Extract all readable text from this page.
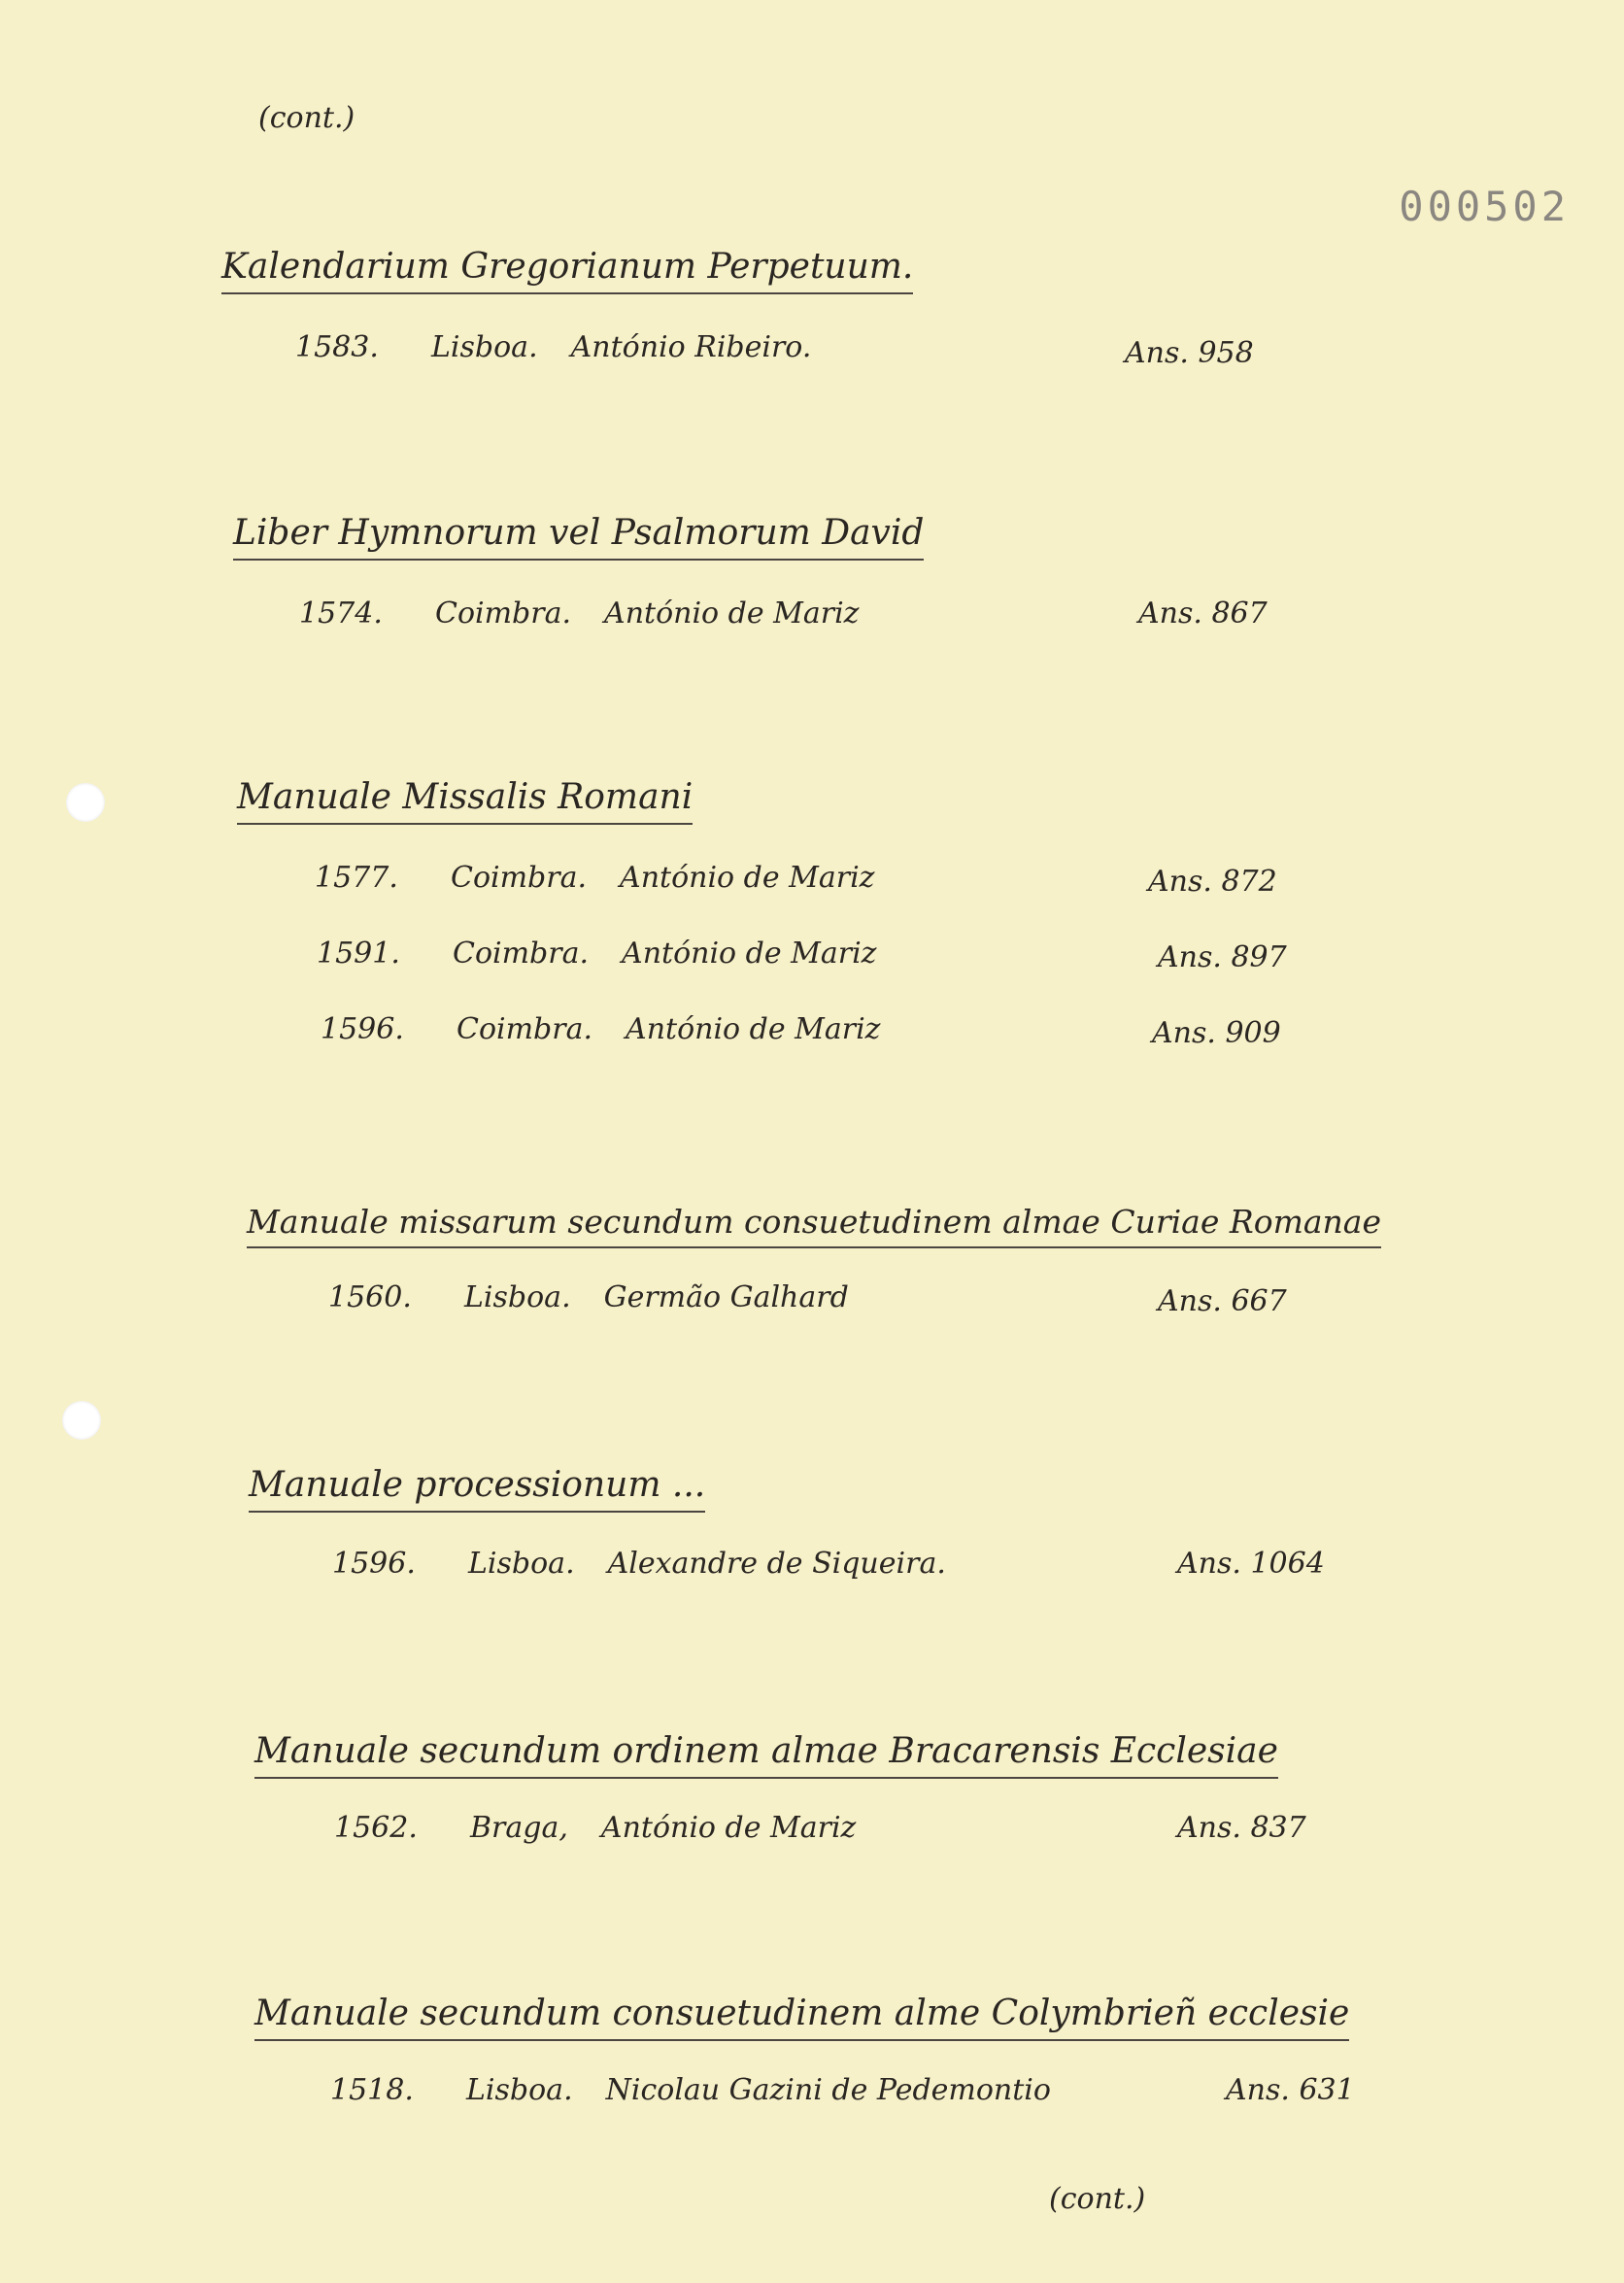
(cont.)
000502
Kalendarium Gregorianum Perpetuum.
1583. Lisboa. António Ribeiro.	Ans. 958
Liber Hymnorum vel Psalmorum David
1574. Coimbra. António de Mariz	Ans. 867
Manuale Missalis Romani
1577. Coimbra. António de Mariz	Ans. 872
1591. Coimbra. António de Mariz	Ans. 897
1596. Coimbra. António de Mariz	Ans. 909
Manuale missarum secundum consuetudinem almae Curiae Romanae
1560. Lisboa. Germão Galhard	Ans. 667
Manuale processionum ...
1596. Lisboa. Alexandre de Siqueira.	Ans. 1064
Manuale secundum ordinem almae Bracarensis Ecclesiae
1562. Braga, António de Mariz	Ans. 837
Manuale secundum consuetudinem alme Colymbrieñ ecclesie
1518. Lisboa. Nicolau Gazini de Pedemontio	Ans. 631
(cont.)
